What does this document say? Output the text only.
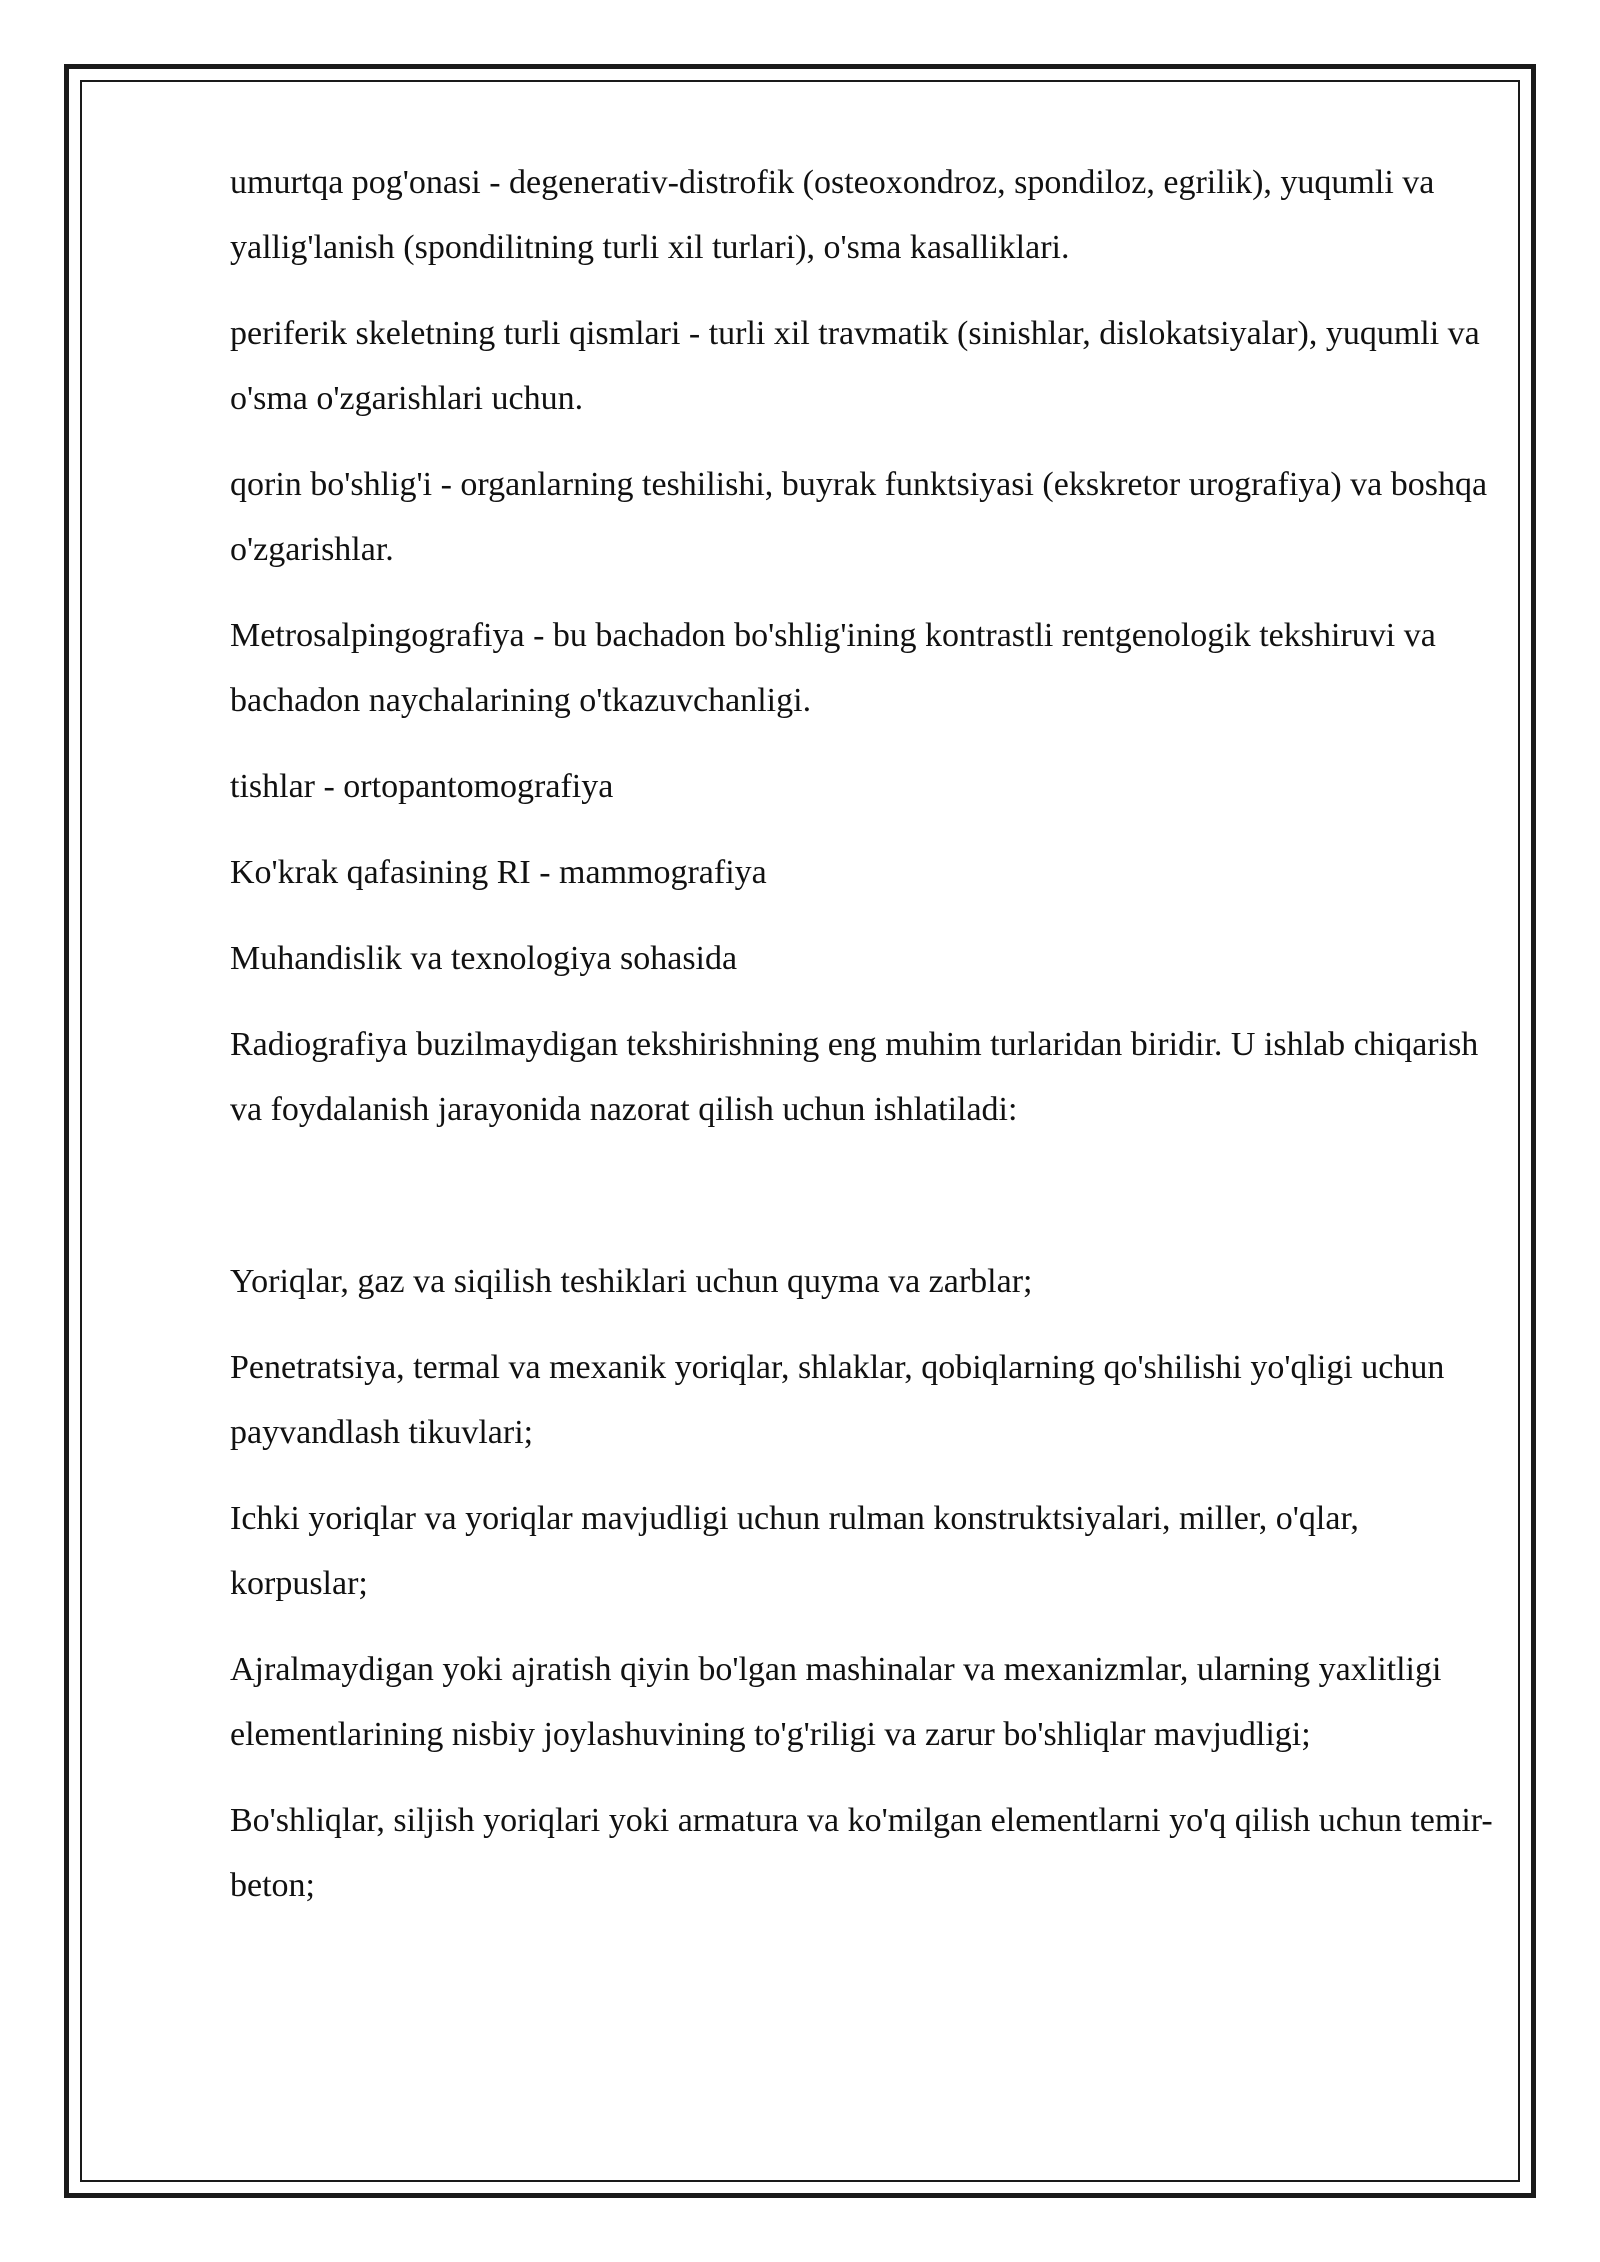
umurtqa pog'onasi - degenerativ-distrofik (osteoxondroz, spondiloz, egrilik), yuqumli va yallig'lanish (spondilitning turli xil turlari), o'sma kasalliklari.

periferik skeletning turli qismlari - turli xil travmatik (sinishlar, dislokatsiyalar), yuqumli va o'sma o'zgarishlari uchun.

qorin bo'shlig'i - organlarning teshilishi, buyrak funktsiyasi (ekskretor urografiya) va boshqa o'zgarishlar.

Metrosalpingografiya - bu bachadon bo'shlig'ining kontrastli rentgenologik tekshiruvi va bachadon naychalarining o'tkazuvchanligi.

tishlar - ortopantomografiya

Ko'krak qafasining RI - mammografiya

Muhandislik va texnologiya sohasida

Radiografiya buzilmaydigan tekshirishning eng muhim turlaridan biridir. U ishlab chiqarish va foydalanish jarayonida nazorat qilish uchun ishlatiladi:

Yoriqlar, gaz va siqilish teshiklari uchun quyma va zarblar;

Penetratsiya, termal va mexanik yoriqlar, shlaklar, qobiqlarning qo'shilishi yo'qligi uchun payvandlash tikuvlari;

Ichki yoriqlar va yoriqlar mavjudligi uchun rulman konstruktsiyalari, miller, o'qlar, korpuslar;

Ajralmaydigan yoki ajratish qiyin bo'lgan mashinalar va mexanizmlar, ularning yaxlitligi elementlarining nisbiy joylashuvining to'g'riligi va zarur bo'shliqlar mavjudligi;

Bo'shliqlar, siljish yoriqlari yoki armatura va ko'milgan elementlarni yo'q qilish uchun temir-beton;
